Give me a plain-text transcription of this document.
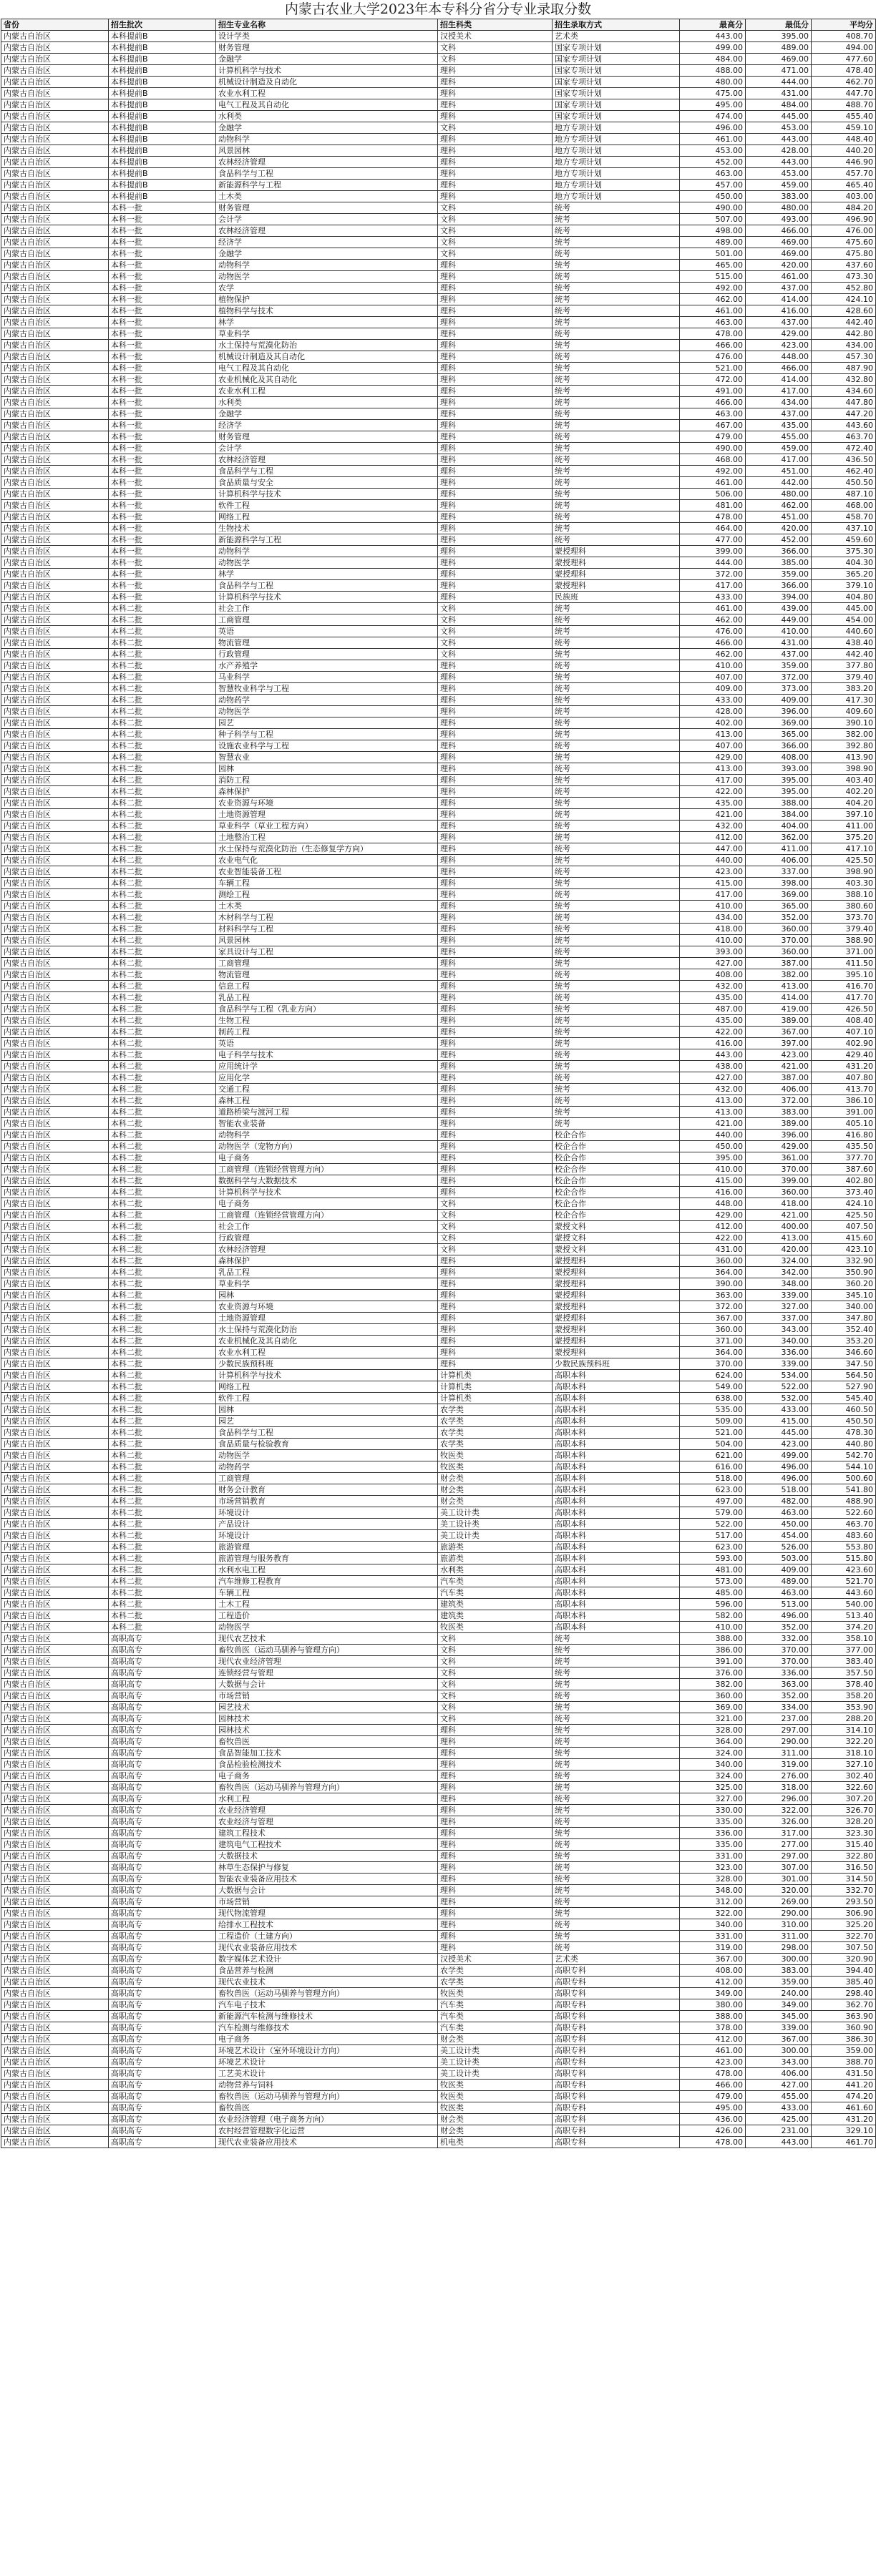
内蒙古农业大学2023年本专科分省分专业录取分数
省份	招生批次	招生专业名称	招生科类	招生录取方式	最高分	最低分	平均分
内蒙古自治区	本科提前B	设计学类	汉授美术	艺术类	443.00	395.00	408.70
内蒙古自治区	本科提前B	财务管理	文科	国家专项计划	499.00	489.00	494.00
内蒙古自治区	本科提前B	金融学	文科	国家专项计划	484.00	469.00	477.60
内蒙古自治区	本科提前B	计算机科学与技术	理科	国家专项计划	488.00	471.00	478.40
内蒙古自治区	本科提前B	机械设计制造及自动化	理科	国家专项计划	480.00	444.00	462.70
内蒙古自治区	本科提前B	农业水利工程	理科	国家专项计划	475.00	431.00	447.70
内蒙古自治区	本科提前B	电气工程及其自动化	理科	国家专项计划	495.00	484.00	488.70
内蒙古自治区	本科提前B	水利类	理科	国家专项计划	474.00	445.00	455.40
内蒙古自治区	本科提前B	金融学	文科	地方专项计划	496.00	453.00	459.10
内蒙古自治区	本科提前B	动物科学	理科	地方专项计划	461.00	443.00	448.40
内蒙古自治区	本科提前B	风景园林	理科	地方专项计划	453.00	428.00	440.20
内蒙古自治区	本科提前B	农林经济管理	理科	地方专项计划	452.00	443.00	446.90
内蒙古自治区	本科提前B	食品科学与工程	理科	地方专项计划	463.00	453.00	457.70
内蒙古自治区	本科提前B	新能源科学与工程	理科	地方专项计划	457.00	459.00	465.40
内蒙古自治区	本科提前B	土木类	理科	地方专项计划	450.00	383.00	403.00
内蒙古自治区	本科一批	财务管理	文科	统考	490.00	480.00	484.20
内蒙古自治区	本科一批	会计学	文科	统考	507.00	493.00	496.90
内蒙古自治区	本科一批	农林经济管理	文科	统考	498.00	466.00	476.00
内蒙古自治区	本科一批	经济学	文科	统考	489.00	469.00	475.60
内蒙古自治区	本科一批	金融学	文科	统考	501.00	469.00	475.80
内蒙古自治区	本科一批	动物科学	理科	统考	465.00	420.00	437.60
内蒙古自治区	本科一批	动物医学	理科	统考	515.00	461.00	473.30
内蒙古自治区	本科一批	农学	理科	统考	492.00	437.00	452.80
内蒙古自治区	本科一批	植物保护	理科	统考	462.00	414.00	424.10
内蒙古自治区	本科一批	植物科学与技术	理科	统考	461.00	416.00	428.60
内蒙古自治区	本科一批	林学	理科	统考	463.00	437.00	442.40
内蒙古自治区	本科一批	草业科学	理科	统考	478.00	429.00	442.80
内蒙古自治区	本科一批	水土保持与荒漠化防治	理科	统考	466.00	423.00	434.00
内蒙古自治区	本科一批	机械设计制造及其自动化	理科	统考	476.00	448.00	457.30
内蒙古自治区	本科一批	电气工程及其自动化	理科	统考	521.00	466.00	487.90
内蒙古自治区	本科一批	农业机械化及其自动化	理科	统考	472.00	414.00	432.80
内蒙古自治区	本科一批	农业水利工程	理科	统考	491.00	417.00	434.60
内蒙古自治区	本科一批	水利类	理科	统考	466.00	434.00	447.80
内蒙古自治区	本科一批	金融学	理科	统考	463.00	437.00	447.20
内蒙古自治区	本科一批	经济学	理科	统考	467.00	435.00	443.60
内蒙古自治区	本科一批	财务管理	理科	统考	479.00	455.00	463.70
内蒙古自治区	本科一批	会计学	理科	统考	490.00	459.00	472.40
内蒙古自治区	本科一批	农林经济管理	理科	统考	468.00	417.00	436.50
内蒙古自治区	本科一批	食品科学与工程	理科	统考	492.00	451.00	462.40
内蒙古自治区	本科一批	食品质量与安全	理科	统考	461.00	442.00	450.50
内蒙古自治区	本科一批	计算机科学与技术	理科	统考	506.00	480.00	487.10
内蒙古自治区	本科一批	软件工程	理科	统考	481.00	462.00	468.00
内蒙古自治区	本科一批	网络工程	理科	统考	478.00	451.00	458.70
内蒙古自治区	本科一批	生物技术	理科	统考	464.00	420.00	437.10
内蒙古自治区	本科一批	新能源科学与工程	理科	统考	477.00	452.00	459.60
内蒙古自治区	本科一批	动物科学	理科	蒙授理科	399.00	366.00	375.30
内蒙古自治区	本科一批	动物医学	理科	蒙授理科	444.00	385.00	404.30
内蒙古自治区	本科一批	林学	理科	蒙授理科	372.00	359.00	365.20
内蒙古自治区	本科一批	食品科学与工程	理科	蒙授理科	417.00	366.00	379.10
内蒙古自治区	本科一批	计算机科学与技术	理科	民族班	433.00	394.00	404.80
内蒙古自治区	本科二批	社会工作	文科	统考	461.00	439.00	445.00
内蒙古自治区	本科二批	工商管理	文科	统考	462.00	449.00	454.00
内蒙古自治区	本科二批	英语	文科	统考	476.00	410.00	440.60
内蒙古自治区	本科二批	物流管理	文科	统考	466.00	431.00	438.40
内蒙古自治区	本科二批	行政管理	文科	统考	462.00	437.00	442.40
内蒙古自治区	本科二批	水产养殖学	理科	统考	410.00	359.00	377.80
内蒙古自治区	本科二批	马业科学	理科	统考	407.00	372.00	379.40
内蒙古自治区	本科二批	智慧牧业科学与工程	理科	统考	409.00	373.00	383.20
内蒙古自治区	本科二批	动物药学	理科	统考	433.00	409.00	417.30
内蒙古自治区	本科二批	动物医学	理科	统考	428.00	396.00	409.60
内蒙古自治区	本科二批	园艺	理科	统考	402.00	369.00	390.10
内蒙古自治区	本科二批	种子科学与工程	理科	统考	413.00	365.00	382.00
内蒙古自治区	本科二批	设施农业科学与工程	理科	统考	407.00	366.00	392.80
内蒙古自治区	本科二批	智慧农业	理科	统考	429.00	408.00	413.90
内蒙古自治区	本科二批	园林	理科	统考	413.00	393.00	398.90
内蒙古自治区	本科二批	消防工程	理科	统考	417.00	395.00	403.40
内蒙古自治区	本科二批	森林保护	理科	统考	422.00	395.00	402.20
内蒙古自治区	本科二批	农业资源与环境	理科	统考	435.00	388.00	404.20
内蒙古自治区	本科二批	土地资源管理	理科	统考	421.00	384.00	397.10
内蒙古自治区	本科二批	草业科学（草业工程方向）	理科	统考	432.00	404.00	411.00
内蒙古自治区	本科二批	土地整治工程	理科	统考	412.00	362.00	375.20
内蒙古自治区	本科二批	水土保持与荒漠化防治（生态修复学方向）	理科	统考	447.00	411.00	417.10
内蒙古自治区	本科二批	农业电气化	理科	统考	440.00	406.00	425.50
内蒙古自治区	本科二批	农业智能装备工程	理科	统考	423.00	337.00	398.90
内蒙古自治区	本科二批	车辆工程	理科	统考	415.00	398.00	403.30
内蒙古自治区	本科二批	测绘工程	理科	统考	417.00	369.00	388.10
内蒙古自治区	本科二批	土木类	理科	统考	410.00	365.00	380.60
内蒙古自治区	本科二批	木材科学与工程	理科	统考	434.00	352.00	373.70
内蒙古自治区	本科二批	材料科学与工程	理科	统考	418.00	360.00	379.40
内蒙古自治区	本科二批	风景园林	理科	统考	410.00	370.00	388.90
内蒙古自治区	本科二批	家具设计与工程	理科	统考	393.00	360.00	371.00
内蒙古自治区	本科二批	工商管理	理科	统考	427.00	387.00	411.50
内蒙古自治区	本科二批	物流管理	理科	统考	408.00	382.00	395.10
内蒙古自治区	本科二批	信息工程	理科	统考	432.00	413.00	416.70
内蒙古自治区	本科二批	乳品工程	理科	统考	435.00	414.00	417.70
内蒙古自治区	本科二批	食品科学与工程（乳业方向）	理科	统考	487.00	419.00	426.50
内蒙古自治区	本科二批	生物工程	理科	统考	435.00	389.00	408.40
内蒙古自治区	本科二批	制药工程	理科	统考	422.00	367.00	407.10
内蒙古自治区	本科二批	英语	理科	统考	416.00	397.00	402.90
内蒙古自治区	本科二批	电子科学与技术	理科	统考	443.00	423.00	429.40
内蒙古自治区	本科二批	应用统计学	理科	统考	438.00	421.00	431.20
内蒙古自治区	本科二批	应用化学	理科	统考	427.00	387.00	407.80
内蒙古自治区	本科二批	交通工程	理科	统考	432.00	406.00	413.70
内蒙古自治区	本科二批	森林工程	理科	统考	413.00	372.00	386.10
内蒙古自治区	本科二批	道路桥梁与渡河工程	理科	统考	413.00	383.00	391.00
内蒙古自治区	本科二批	智能农业装备	理科	统考	421.00	389.00	405.10
内蒙古自治区	本科二批	动物科学	理科	校企合作	440.00	396.00	416.80
内蒙古自治区	本科二批	动物医学（宠物方向）	理科	校企合作	450.00	429.00	435.50
内蒙古自治区	本科二批	电子商务	理科	校企合作	395.00	361.00	377.70
内蒙古自治区	本科二批	工商管理（连锁经营管理方向）	理科	校企合作	410.00	370.00	387.60
内蒙古自治区	本科二批	数据科学与大数据技术	理科	校企合作	415.00	399.00	402.80
内蒙古自治区	本科二批	计算机科学与技术	理科	校企合作	416.00	360.00	373.40
内蒙古自治区	本科二批	电子商务	文科	校企合作	448.00	418.00	424.10
内蒙古自治区	本科二批	工商管理（连锁经营管理方向）	文科	校企合作	429.00	421.00	425.50
内蒙古自治区	本科二批	社会工作	文科	蒙授文科	412.00	400.00	407.50
内蒙古自治区	本科二批	行政管理	文科	蒙授文科	422.00	413.00	415.60
内蒙古自治区	本科二批	农林经济管理	文科	蒙授文科	431.00	420.00	423.10
内蒙古自治区	本科二批	森林保护	理科	蒙授理科	360.00	324.00	332.90
内蒙古自治区	本科二批	乳品工程	理科	蒙授理科	364.00	342.00	350.90
内蒙古自治区	本科二批	草业科学	理科	蒙授理科	390.00	348.00	360.20
内蒙古自治区	本科二批	园林	理科	蒙授理科	363.00	339.00	345.10
内蒙古自治区	本科二批	农业资源与环境	理科	蒙授理科	372.00	327.00	340.00
内蒙古自治区	本科二批	土地资源管理	理科	蒙授理科	367.00	337.00	347.80
内蒙古自治区	本科二批	水土保持与荒漠化防治	理科	蒙授理科	360.00	343.00	352.40
内蒙古自治区	本科二批	农业机械化及其自动化	理科	蒙授理科	371.00	340.00	353.20
内蒙古自治区	本科二批	农业水利工程	理科	蒙授理科	364.00	336.00	346.60
内蒙古自治区	本科二批	少数民族预科班	理科	少数民族预科班	370.00	339.00	347.50
内蒙古自治区	本科二批	计算机科学与技术	计算机类	高职本科	624.00	534.00	564.50
内蒙古自治区	本科二批	网络工程	计算机类	高职本科	549.00	522.00	527.90
内蒙古自治区	本科二批	软件工程	计算机类	高职本科	638.00	532.00	545.40
内蒙古自治区	本科二批	园林	农学类	高职本科	535.00	433.00	460.50
内蒙古自治区	本科二批	园艺	农学类	高职本科	509.00	415.00	450.50
内蒙古自治区	本科二批	食品科学与工程	农学类	高职本科	521.00	445.00	478.30
内蒙古自治区	本科二批	食品质量与检验教育	农学类	高职本科	504.00	423.00	440.80
内蒙古自治区	本科二批	动物医学	牧医类	高职本科	621.00	499.00	542.70
内蒙古自治区	本科二批	动物药学	牧医类	高职本科	616.00	496.00	544.10
内蒙古自治区	本科二批	工商管理	财会类	高职本科	518.00	496.00	500.60
内蒙古自治区	本科二批	财务会计教育	财会类	高职本科	623.00	518.00	541.80
内蒙古自治区	本科二批	市场营销教育	财会类	高职本科	497.00	482.00	488.90
内蒙古自治区	本科二批	环境设计	美工设计类	高职本科	579.00	463.00	522.60
内蒙古自治区	本科二批	产品设计	美工设计类	高职本科	522.00	450.00	463.70
内蒙古自治区	本科二批	环境设计	美工设计类	高职本科	517.00	454.00	483.60
内蒙古自治区	本科二批	旅游管理	旅游类	高职本科	623.00	526.00	553.80
内蒙古自治区	本科二批	旅游管理与服务教育	旅游类	高职本科	593.00	503.00	515.80
内蒙古自治区	本科二批	水利水电工程	水利类	高职本科	481.00	409.00	423.60
内蒙古自治区	本科二批	汽车维修工程教育	汽车类	高职本科	573.00	489.00	521.70
内蒙古自治区	本科二批	车辆工程	汽车类	高职本科	485.00	463.00	443.60
内蒙古自治区	本科二批	土木工程	建筑类	高职本科	596.00	513.00	540.00
内蒙古自治区	本科二批	工程造价	建筑类	高职本科	582.00	496.00	513.40
内蒙古自治区	本科二批	动物医学	牧医类	高职本科	410.00	352.00	374.20
内蒙古自治区	高职高专	现代农艺技术	文科	统考	388.00	332.00	358.10
内蒙古自治区	高职高专	畜牧兽医（运动马驯养与管理方向）	文科	统考	386.00	370.00	377.00
内蒙古自治区	高职高专	现代农业经济管理	文科	统考	391.00	370.00	383.40
内蒙古自治区	高职高专	连锁经营与管理	文科	统考	376.00	336.00	357.50
内蒙古自治区	高职高专	大数据与会计	文科	统考	382.00	363.00	378.40
内蒙古自治区	高职高专	市场营销	文科	统考	360.00	352.00	358.20
内蒙古自治区	高职高专	园艺技术	文科	统考	369.00	334.00	353.90
内蒙古自治区	高职高专	园林技术	文科	统考	321.00	237.00	288.20
内蒙古自治区	高职高专	园林技术	理科	统考	328.00	297.00	314.10
内蒙古自治区	高职高专	畜牧兽医	理科	统考	364.00	290.00	322.20
内蒙古自治区	高职高专	食品智能加工技术	理科	统考	324.00	311.00	318.10
内蒙古自治区	高职高专	食品检验检测技术	理科	统考	340.00	319.00	327.10
内蒙古自治区	高职高专	电子商务	理科	统考	324.00	276.00	302.40
内蒙古自治区	高职高专	畜牧兽医（运动马驯养与管理方向）	理科	统考	325.00	318.00	322.60
内蒙古自治区	高职高专	水利工程	理科	统考	327.00	296.00	307.20
内蒙古自治区	高职高专	农业经济管理	理科	统考	330.00	322.00	326.70
内蒙古自治区	高职高专	农业经济与管理	理科	统考	335.00	326.00	328.20
内蒙古自治区	高职高专	建筑工程技术	理科	统考	336.00	317.00	323.30
内蒙古自治区	高职高专	建筑电气工程技术	理科	统考	335.00	277.00	315.40
内蒙古自治区	高职高专	大数据技术	理科	统考	331.00	297.00	322.80
内蒙古自治区	高职高专	林草生态保护与修复	理科	统考	323.00	307.00	316.50
内蒙古自治区	高职高专	智能农业装备应用技术	理科	统考	328.00	301.00	314.50
内蒙古自治区	高职高专	大数据与会计	理科	统考	348.00	320.00	332.70
内蒙古自治区	高职高专	市场营销	理科	统考	312.00	269.00	293.50
内蒙古自治区	高职高专	现代物流管理	理科	统考	322.00	290.00	306.90
内蒙古自治区	高职高专	给排水工程技术	理科	统考	340.00	310.00	325.20
内蒙古自治区	高职高专	工程造价（土建方向）	理科	统考	331.00	311.00	322.70
内蒙古自治区	高职高专	现代农业装备应用技术	理科	统考	319.00	298.00	307.50
内蒙古自治区	高职高专	数字媒体艺术设计	汉授美术	艺术类	367.00	300.00	320.90
内蒙古自治区	高职高专	食品营养与检测	农学类	高职专科	408.00	383.00	394.40
内蒙古自治区	高职高专	现代农业技术	农学类	高职专科	412.00	359.00	385.40
内蒙古自治区	高职高专	畜牧兽医（运动马驯养与管理方向）	牧医类	高职专科	349.00	240.00	298.40
内蒙古自治区	高职高专	汽车电子技术	汽车类	高职专科	380.00	349.00	362.70
内蒙古自治区	高职高专	新能源汽车检测与维修技术	汽车类	高职专科	388.00	345.00	363.90
内蒙古自治区	高职高专	汽车检测与维修技术	汽车类	高职专科	378.00	339.00	360.90
内蒙古自治区	高职高专	电子商务	财会类	高职专科	412.00	367.00	386.30
内蒙古自治区	高职高专	环境艺术设计（室外环境设计方向）	美工设计类	高职专科	461.00	300.00	359.00
内蒙古自治区	高职高专	环境艺术设计	美工设计类	高职专科	423.00	343.00	388.70
内蒙古自治区	高职高专	工艺美术设计	美工设计类	高职专科	478.00	406.00	431.50
内蒙古自治区	高职高专	动物营养与饲料	牧医类	高职专科	466.00	427.00	441.20
内蒙古自治区	高职高专	畜牧兽医（运动马驯养与管理方向）	牧医类	高职专科	479.00	455.00	474.20
内蒙古自治区	高职高专	畜牧兽医	牧医类	高职专科	495.00	433.00	461.60
内蒙古自治区	高职高专	农业经济管理（电子商务方向）	财会类	高职专科	436.00	425.00	431.20
内蒙古自治区	高职高专	农村经营管理数字化运营	财会类	高职专科	426.00	231.00	329.10
内蒙古自治区	高职高专	现代农业装备应用技术	机电类	高职专科	478.00	443.00	461.70
